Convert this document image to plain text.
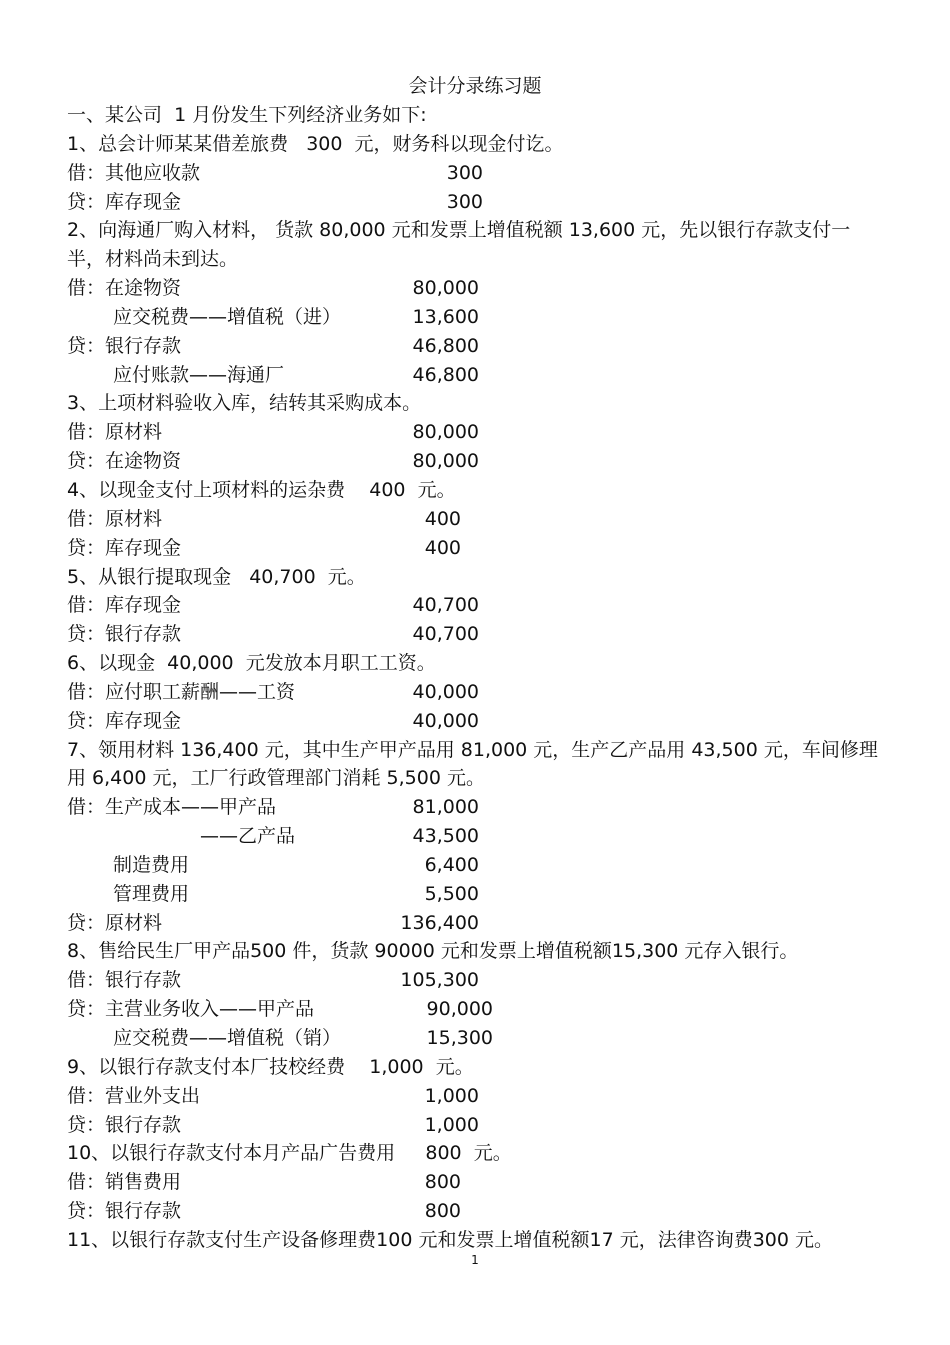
会计分录练习题
一、某公司  1 月份发生下列经济业务如下:
1、总会计师某某借差旅费   300  元，财务科以现金付讫。
借：其他应收款	300
贷：库存现金	300
2、向海通厂购入材料， 货款 80,000 元和发票上增值税额 13,600 元，先以银行存款支付一半，材料尚未到达。
借：在途物资	80,000
应交税费——增值税（进）	13,600
贷：银行存款	46,800
应付账款——海通厂	46,800
3、上项材料验收入库，结转其采购成本。
借：原材料	80,000
贷：在途物资	80,000
4、以现金支付上项材料的运杂费    400  元。
借：原材料	400
贷：库存现金	400
5、从银行提取现金   40,700  元。
借：库存现金	40,700
贷：银行存款	40,700
6、以现金  40,000  元发放本月职工工资。
借：应付职工薪酬——工资	40,000
贷：库存现金	40,000
7、领用材料 136,400 元，其中生产甲产品用 81,000 元，生产乙产品用 43,500 元，车间修理用 6,400 元，工厂行政管理部门消耗 5,500 元。
借：生产成本——甲产品	81,000
——乙产品	43,500
制造费用	6,400
管理费用	5,500
贷：原材料	136,400
8、售给民生厂甲产品500 件，货款 90000 元和发票上增值税额15,300 元存入银行。
借：银行存款	105,300
贷：主营业务收入——甲产品	90,000
应交税费——增值税（销）	15,300
9、以银行存款支付本厂技校经费    1,000  元。
借：营业外支出	1,000
贷：银行存款	1,000
10、以银行存款支付本月产品广告费用     800  元。
借：销售费用	800
贷：银行存款	800
11、以银行存款支付生产设备修理费100 元和发票上增值税额17 元，法律咨询费300 元。
1
